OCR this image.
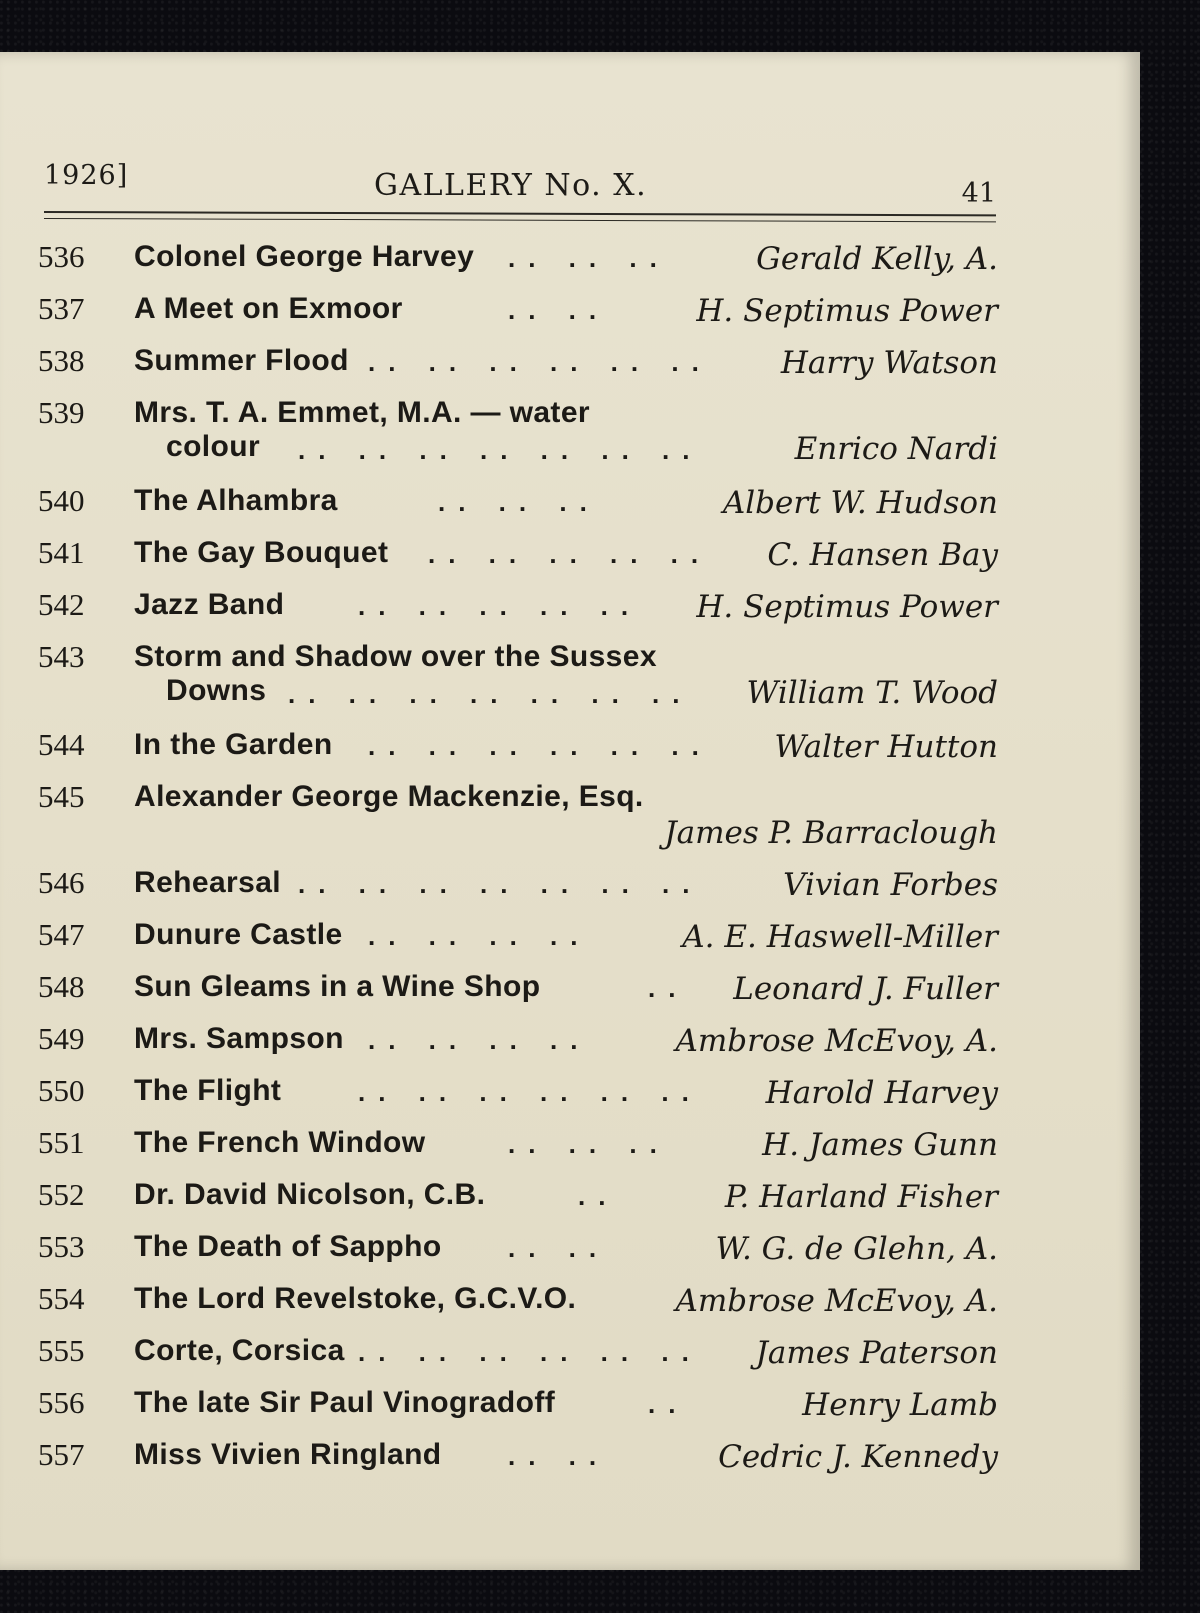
1926]	GALLERY No. X.	41
536 Colonel George Harvey .. .. ..	Gerald Kelly, A.
537 A Meet on Exmoor	.. ..	H. Septimus Power
538 Summer Flood .. .. .. .. .. .. Harry Watson
539 Mrs. T. A. Emmet, M.A. — water
colour .. .. .. .. .. .. ..	Enrico Nardi
540 The Alhambra	.. .. ..	Albert W. Hudson
541 The Gay Bouquet .. .. .. .. .. C. Hansen Bay
542 Jazz Band	.. .. .. .. .. H. Septimus Power
543 Storm and Shadow over the Sussex
Downs .. .. .. .. .. .. .. William T. Wood
544 In the Garden .. .. .. .. .. .. Walter Hutton
545 Alexander George Mackenzie, Esq.
James P. Barraclough
546 Rehearsal .. .. .. .. .. .. ..	Vivian Forbes
547 Dunure Castle .. .. .. ..	A. E. Haswell-Miller
548 Sun Gleams in a Wine Shop	.. Leonard J. Fuller
549 Mrs. Sampson .. .. .. ..	Ambrose McEvoy, A.
550 The Flight	.. .. .. .. .. .. Harold Harvey
551 The French Window	.. .. ..	H. James Gunn
552 Dr. David Nicolson, C.B.	..	P. Harland Fisher
553 The Death of Sappho	.. ..	W. G. de Glehn, A.
554 The Lord Revelstoke, G.C.V.O.	Ambrose McEvoy, A.
555 Corte, Corsica .. .. .. .. .. .. James Paterson
556 The late Sir Paul Vinogradoff	..	Henry Lamb
557 Miss Vivien Ringland	.. ..	Cedric J. Kennedy
